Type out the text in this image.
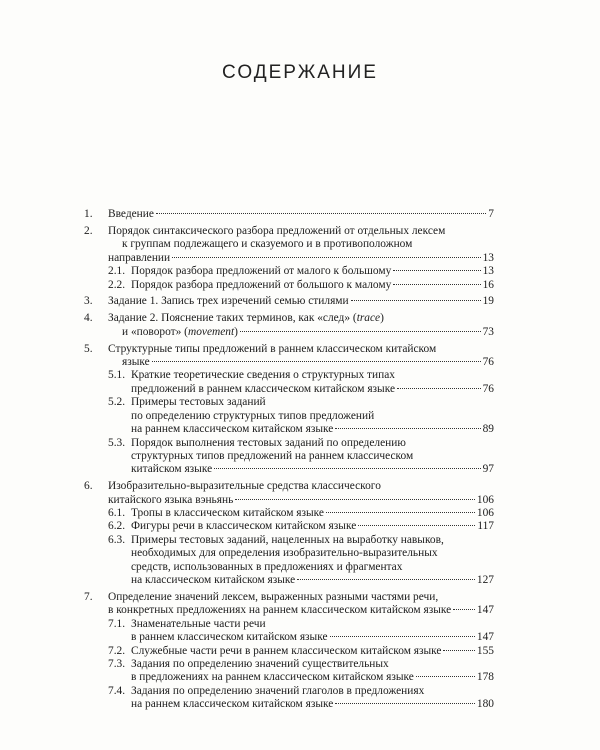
СОДЕРЖАНИЕ
1. Введение	7
2. Порядок синтаксического разбора предложений от отдельных лексем
к группам подлежащего и сказуемого и в противоположном
направлении	13
2.1. Порядок разбора предложений от малого к большому	13
2.2. Порядок разбора предложений от большого к малому	16
3. Задание 1. Запись трех изречений семью стилями	19
4. Задание 2. Пояснение таких терминов, как «след» (trace)
и «поворот» (movement)	73
5. Структурные типы предложений в раннем классическом китайском
языке	76
5.1. Краткие теоретические сведения о структурных типах
предложений в раннем классическом китайском языке	76
5.2. Примеры тестовых заданий
по определению структурных типов предложений
на раннем классическом китайском языке	89
5.3. Порядок выполнения тестовых заданий по определению
структурных типов предложений на раннем классическом
китайском языке	97
6. Изобразительно-выразительные средства классического
китайского языка вэньянь	106
6.1. Тропы в классическом китайском языке	106
6.2. Фигуры речи в классическом китайском языке	117
6.3. Примеры тестовых заданий, нацеленных на выработку навыков,
необходимых для определения изобразительно-выразительных
средств, использованных в предложениях и фрагментах
на классическом китайском языке	127
7. Определение значений лексем, выраженных разными частями речи,
в конкретных предложениях на раннем классическом китайском языке 147
7.1. Знаменательные части речи
в раннем классическом китайском языке	147
7.2. Служебные части речи в раннем классическом китайском языке	155
7.3. Задания по определению значений существительных
в предложениях на раннем классическом китайском языке	178
7.4. Задания по определению значений глаголов в предложениях
на раннем классическом китайском языке	180
